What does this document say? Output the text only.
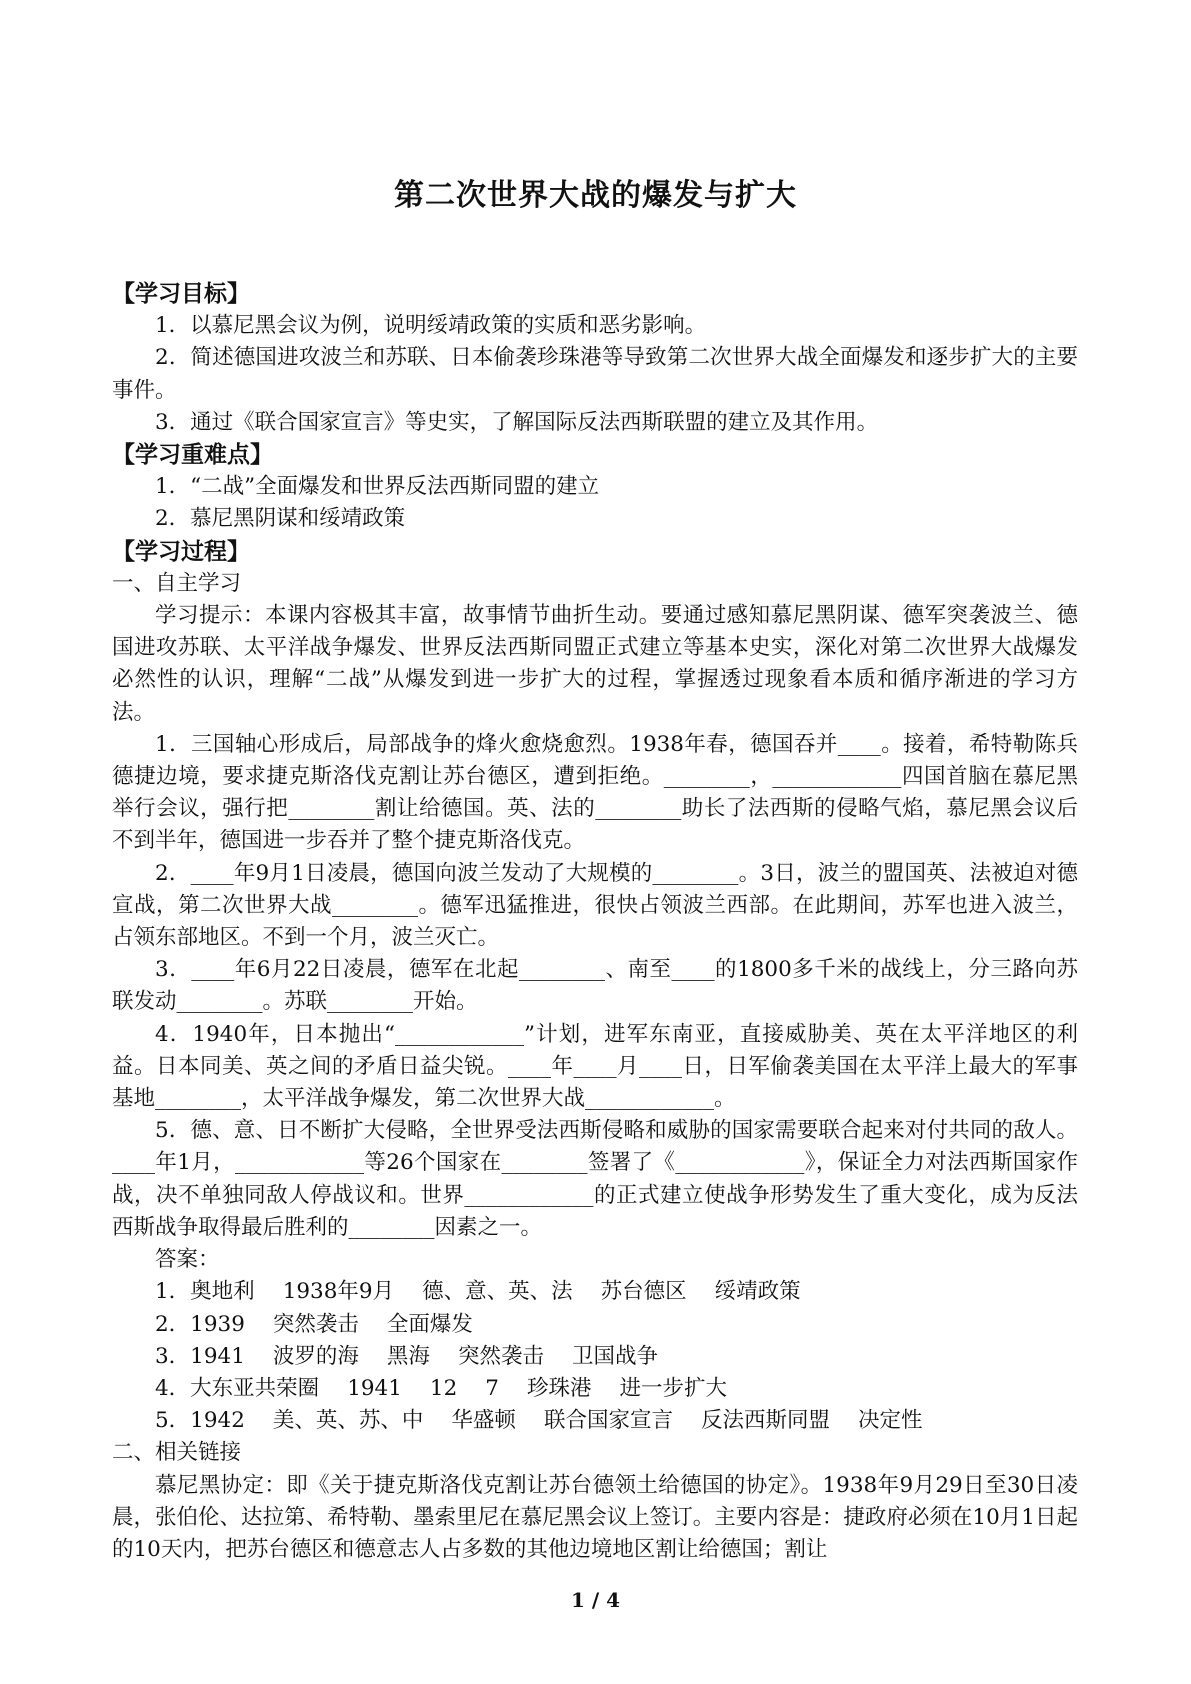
第二次世界大战的爆发与扩大

【学习目标】

1．以慕尼黑会议为例，说明绥靖政策的实质和恶劣影响。

2．简述德国进攻波兰和苏联、日本偷袭珍珠港等导致第二次世界大战全面爆发和逐步扩大的主要事件。

3．通过《联合国家宣言》等史实，了解国际反法西斯联盟的建立及其作用。

【学习重难点】

1．“二战”全面爆发和世界反法西斯同盟的建立

2．慕尼黑阴谋和绥靖政策

【学习过程】

一、自主学习

学习提示：本课内容极其丰富，故事情节曲折生动。要通过感知慕尼黑阴谋、德军突袭波兰、德国进攻苏联、太平洋战争爆发、世界反法西斯同盟正式建立等基本史实，深化对第二次世界大战爆发必然性的认识，理解“二战”从爆发到进一步扩大的过程，掌握透过现象看本质和循序渐进的学习方法。

1．三国轴心形成后，局部战争的烽火愈烧愈烈。1938年春，德国吞并____。接着，希特勒陈兵德捷边境，要求捷克斯洛伐克割让苏台德区，遭到拒绝。________，____________四国首脑在慕尼黑举行会议，强行把________割让给德国。英、法的________助长了法西斯的侵略气焰，慕尼黑会议后不到半年，德国进一步吞并了整个捷克斯洛伐克。

2．____年9月1日凌晨，德国向波兰发动了大规模的________。3日，波兰的盟国英、法被迫对德宣战，第二次世界大战________。德军迅猛推进，很快占领波兰西部。在此期间，苏军也进入波兰，占领东部地区。不到一个月，波兰灭亡。

3．____年6月22日凌晨，德军在北起________、南至____的1800多千米的战线上，分三路向苏联发动________。苏联________开始。

4．1940年，日本抛出“____________”计划，进军东南亚，直接威胁美、英在太平洋地区的利益。日本同美、英之间的矛盾日益尖锐。____年____月____日，日军偷袭美国在太平洋上最大的军事基地________，太平洋战争爆发，第二次世界大战____________。

5．德、意、日不断扩大侵略，全世界受法西斯侵略和威胁的国家需要联合起来对付共同的敌人。____年1月，____________等26个国家在________签署了《____________》，保证全力对法西斯国家作战，决不单独同敌人停战议和。世界____________的正式建立使战争形势发生了重大变化，成为反法西斯战争取得最后胜利的________因素之一。

答案：

1．奥地利 1938年9月 德、意、英、法 苏台德区 绥靖政策

2．1939 突然袭击 全面爆发

3．1941 波罗的海 黑海 突然袭击 卫国战争

4．大东亚共荣圈 1941 12 7 珍珠港 进一步扩大

5．1942 美、英、苏、中 华盛顿 联合国家宣言 反法西斯同盟 决定性

二、相关链接

慕尼黑协定：即《关于捷克斯洛伐克割让苏台德领土给德国的协定》。1938年9月29日至30日凌晨，张伯伦、达拉第、希特勒、墨索里尼在慕尼黑会议上签订。主要内容是：捷政府必须在10月1日起的10天内，把苏台德区和德意志人占多数的其他边境地区割让给德国；割让

1 / 4
